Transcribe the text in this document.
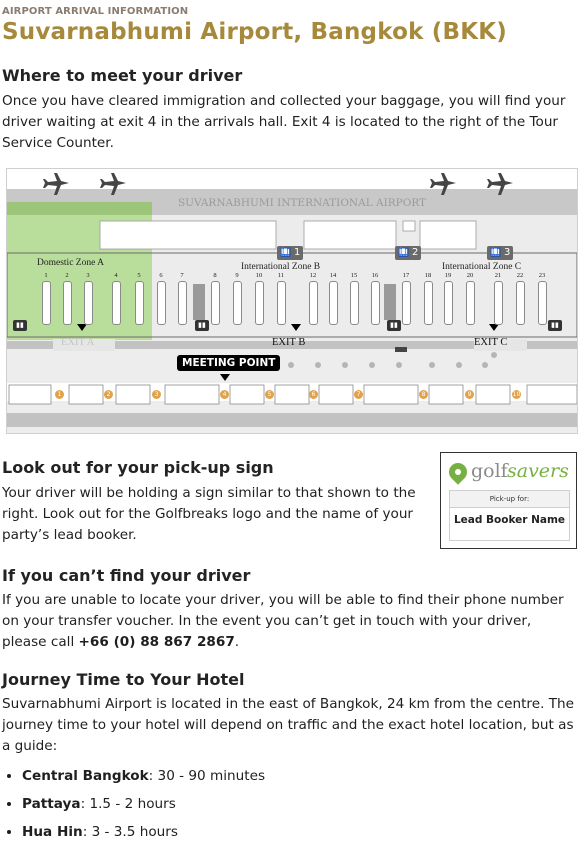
AIRPORT ARRIVAL INFORMATION
Suvarnabhumi Airport, Bangkok (BKK)
Where to meet your driver

Once you have cleared immigration and collected your baggage, you will find your driver waiting at exit 4 in the arrivals hall. Exit 4 is located to the right of the Tour Service Counter.

SUVARNABHUMI INTERNATIONAL AIRPORT
Domestic Zone A	International Zone B	International Zone C
🛄 1	🛄 2	🛄 3
1	2	3	4	5	6	7	8	9	10 11	12 14 15 16	17 18 19 20	21 22 23
▮▮	▮▮	▮▮	▮▮
EXIT A	EXIT B	EXIT C
MEETING POINT
1	2	3	4	5	6	7	8	9	10
Look out for your pick-up sign

Your driver will be holding a sign similar to that shown to the right. Look out for the Golfbreaks logo and the name of your party’s lead booker.

golf savers
Pick-up for:
Lead Booker Name
If you can’t find your driver

If you are unable to locate your driver, you will be able to find their phone number on your transfer voucher. In the event you can’t get in touch with your driver, please call +66 (0) 88 867 2867.

Journey Time to Your Hotel

Suvarnabhumi Airport is located in the east of Bangkok, 24 km from the centre. The journey time to your hotel will depend on traffic and the exact hotel location, but as a guide:

• Central Bangkok: 30 - 90 minutes
• Pattaya: 1.5 - 2 hours
• Hua Hin: 3 - 3.5 hours
